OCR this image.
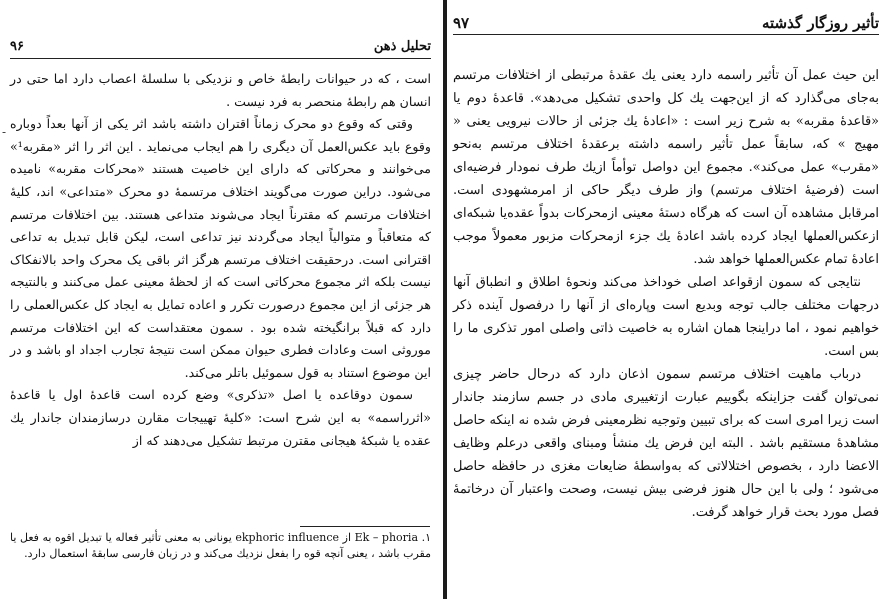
تحلیل ذهن
۹۶

است ، که در حیوانات رابطهٔ خاص و نزدیکی با سلسلهٔ اعصاب دارد اما حتی در انسان هم رابطهٔ منحصر به فرد نیست .

وقتی که وقوع دو محرک زماناً اقتران داشته باشد اثر یکی از آنها بعداً دوباره وقوع باید عکس‌العمل آن دیگری را هم ایجاب می‌نماید . این اثر را اثر «مقربه¹» می‌خوانند و محرکاتی که دارای این خاصیت هستند «محرکات مقربه» نامیده می‌شود. دراین صورت می‌گویند اختلاف مرتسمهٔ دو محرک «متداعی» اند، کلیهٔ اختلافات مرتسم که مقترناً ایجاد می‌شوند متداعی هستند. بین اختلافات مرتسم که متعاقباً و متوالیاً ایجاد می‌گردند نیز تداعی است، لیکن قابل تبدیل به تداعی اقترانی است. درحقیقت اختلاف مرتسم هرگز اثر باقی یک محرک واحد بالانفکاک نیست بلکه اثر مجموع محرکاتی است که از لحظهٔ معینی عمل می‌کنند و بالنتیجه هر جزئی از این مجموع درصورت تکرر و اعاده تمایل به ایجاد کل عکس‌العملی را دارد که قبلاً برانگیخته شده بود . سمون معتقداست که این اختلافات مرتسم موروثی است وعادات فطری حیوان ممکن است نتیجهٔ تجارب اجداد او باشد و در این موضوع استناد به قول سموئیل باتلر می‌کند.

سمون دوقاعده یا اصل «تذکری» وضع کرده است قاعدهٔ اول یا قاعدهٔ «اثرراسمه» به این شرح است: «کلیهٔ تهییجات مقارن درسازمندان جاندار یك عقده یا شبکهٔ هیجانی مقترن مرتبط تشکیل می‌دهند که از

۱. Ek – phoria از ekphoric influence یونانی به معنی تأثیر فعاله یا تبدیل اقوه به فعل یا مقرب باشد ، یعنی آنچه قوه را بفعل نزدیك می‌کند و در زبان فارسی سابقهٔ استعمال دارد.
-
تأثیر روزگار گذشته
۹۷

این حیث عمل آن تأثیر راسمه دارد یعنی یك عقدهٔ مرتبطی از اختلافات مرتسم به‌جای می‌گذارد که از این‌جهت یك کل واحدی تشکیل می‌دهد». قاعدهٔ دوم یا «قاعدهٔ مقربه» به شرح زیر است : «اعادهٔ یك جزئی از حالات نیرویی یعنی « مهیج » که، سابقاً عمل تأثیر راسمه داشته برعقدهٔ اختلاف مرتسم به‌نحو «مقرب» عمل می‌کند». مجموع این دواصل توأماً ازیك طرف نمودار فرضیه‌ای است (فرضیهٔ اختلاف مرتسم) واز طرف دیگر حاکی از امرمشهودی است. امرقابل مشاهده آن است که هرگاه دستهٔ معینی ازمحرکات بدواً عقده‌یا شبکه‌ای ازعکس‌العملها ایجاد کرده باشد اعادهٔ یك جزء ازمحرکات مزبور معمولاً موجب اعادهٔ تمام عکس‌العملها خواهد شد.

نتایجی که سمون ازقواعد اصلی خوداخذ می‌کند ونحوهٔ اطلاق و انطباق آنها درجهات مختلف جالب توجه وبدیع است وپاره‌ای از آنها را درفصول آینده ذکر خواهیم نمود ، اما دراینجا همان اشاره به خاصیت ذاتی واصلی امور تذکری ما را بس است.

درباب ماهیت اختلاف مرتسم سمون اذعان دارد که درحال حاضر چیزی نمی‌توان گفت جزاینکه بگوییم عبارت ازتغییری مادی در جسم سازمند جاندار است زیرا امری است که برای تبیین وتوجیه نظرمعینی فرض شده نه اینکه حاصل مشاهدهٔ مستقیم باشد . البته این فرض یك منشأ ومبنای واقعی درعلم وظایف الاعضا دارد ، بخصوص اختلالاتی که به‌واسطهٔ ضایعات مغزی در حافظه حاصل می‌شود ؛ ولی با این حال هنوز فرضی بیش نیست، وصحت واعتبار آن درخاتمهٔ فصل مورد بحث قرار خواهد گرفت.
